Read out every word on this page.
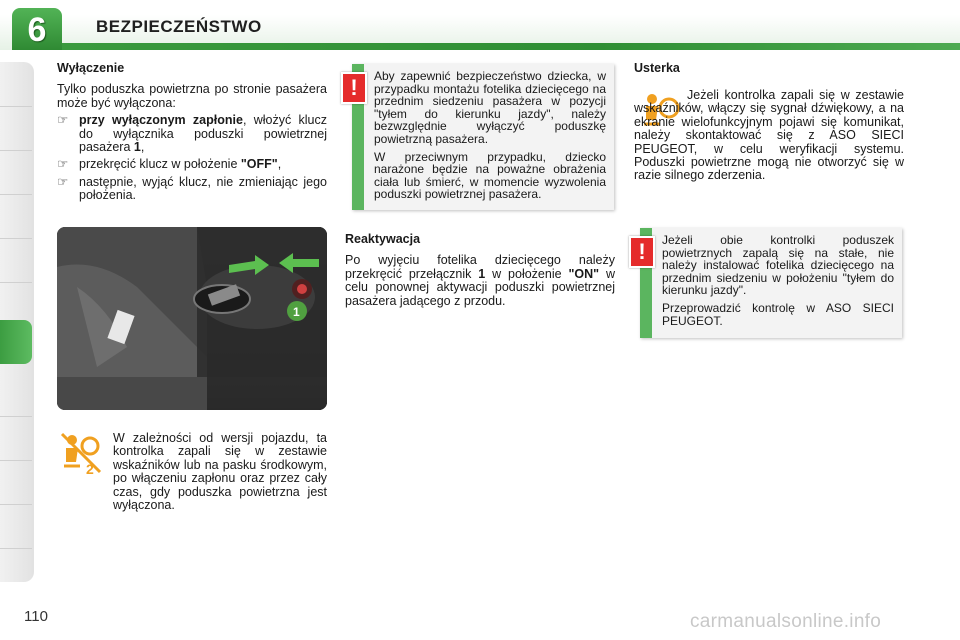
6	BEZPIECZEŃSTWO

Wyłączenie

Tylko poduszka powietrzna po stronie pasażera może być wyłączona:

☞ przy wyłączonym zapłonie, włożyć klucz do wyłącznika poduszki powietrznej pasażera 1,
☞ przekręcić klucz w położenie "OFF",
☞ następnie, wyjąć klucz, nie zmieniając jego położenia.
1
2

W zależności od wersji pojazdu, ta kontrolka zapali się w zestawie wskaźników lub na pasku środkowym, po włączeniu zapłonu oraz przez cały czas, gdy poduszka powietrzna jest wyłączona.

Aby zapewnić bezpieczeństwo dziecka, w przypadku montażu fotelika dziecięcego na przednim siedzeniu pasażera w pozycji "tyłem do kierunku jazdy", należy bezwzględnie wyłączyć poduszkę powietrzną pasażera.

W przeciwnym przypadku, dziecko narażone będzie na poważne obrażenia ciała lub śmierć, w momencie wyzwolenia poduszki powietrznej pasażera.

!

Reaktywacja

Po wyjęciu fotelika dziecięcego należy przekręcić przełącznik 1 w położenie "ON" w celu ponownej aktywacji poduszki powietrznej pasażera jadącego z przodu.

Usterka

Jeżeli kontrolka zapali się w zestawie wskaźników, włączy się sygnał dźwiękowy, a na ekranie wielofunkcyjnym pojawi się komunikat, należy skontaktować się z ASO SIECI PEUGEOT, w celu weryfikacji systemu. Poduszki powietrzne mogą nie otworzyć się w razie silnego zderzenia.

Jeżeli obie kontrolki poduszek powietrznych zapalą się na stałe, nie należy instalować fotelika dziecięcego na przednim siedzeniu w położeniu "tyłem do kierunku jazdy".

Przeprowadzić kontrolę w ASO SIECI PEUGEOT.

!
110	carmanualsonline.info
